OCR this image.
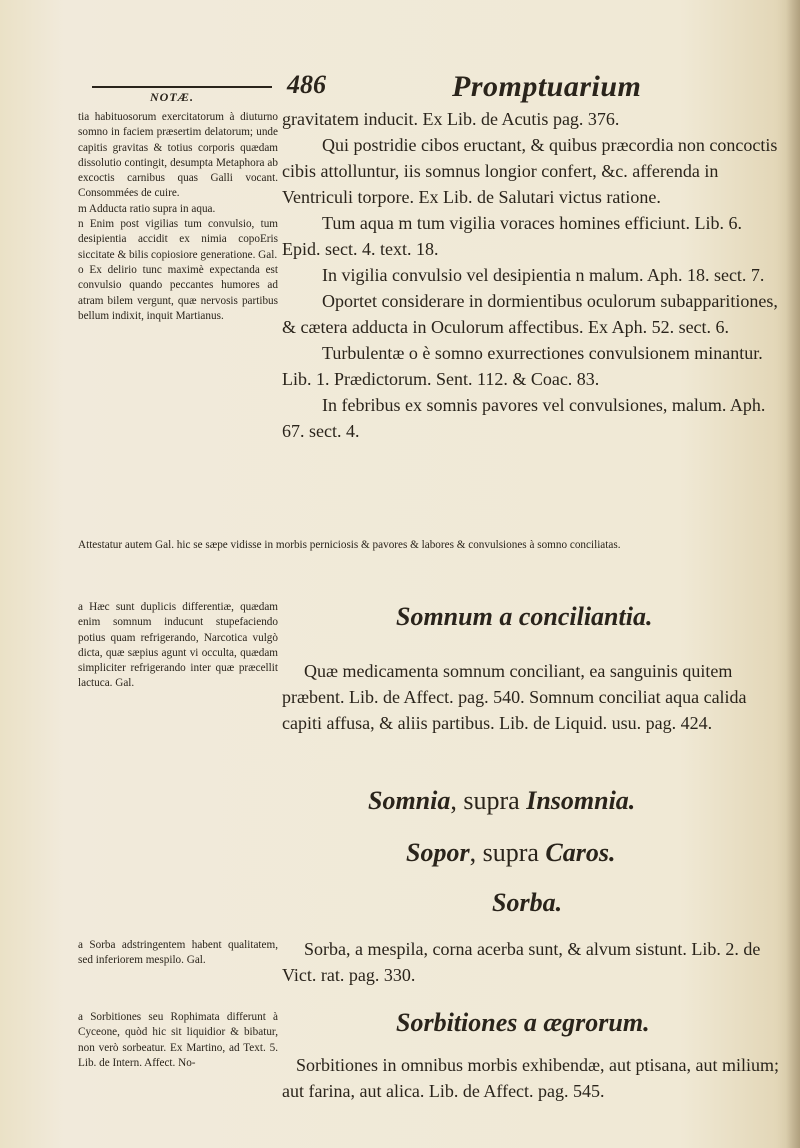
NOTÆ.	486	Promptuarium

tia habituosorum exercitatorum à diuturno somno in faciem præsertim delatorum; unde capitis gravitas & totius corporis quædam dissolutio contingit, desumpta Metaphora ab excoctis carnibus quas Galli vocant. Consommées de cuire.

m Adducta ratio supra in aqua.

n Enim post vigilias tum convulsio, tum desipientia accidit ex nimia copoEris siccitate & bilis copiosiore generatione. Gal.

o Ex delirio tunc maximè expectanda est convulsio quando peccantes humores ad atram bilem vergunt, quæ nervosis partibus bellum indixit, inquit Martianus.

Attestatur autem Gal. hic se sæpe vidisse in morbis perniciosis & pavores & labores & convulsiones à somno conciliatas.

gravitatem inducit. Ex Lib. de Acutis pag. 376.

Qui postridie cibos eructant, & quibus præcordia non concoctis cibis attolluntur, iis somnus longior confert, &c. afferenda in Ventriculi torpore. Ex Lib. de Salutari victus ratione.

Tum aqua m tum vigilia voraces homines efficiunt. Lib. 6. Epid. sect. 4. text. 18.

In vigilia convulsio vel desipientia n malum. Aph. 18. sect. 7.

Oportet considerare in dormientibus oculorum subapparitiones, & cætera adducta in Oculorum affectibus. Ex Aph. 52. sect. 6.

Turbulentæ o è somno exurrectiones convulsionem minantur. Lib. 1. Prædictorum. Sent. 112. & Coac. 83.

In febribus ex somnis pavores vel convulsiones, malum. Aph. 67. sect. 4.

Somnum a conciliantia.
a Hæc sunt duplicis differentiæ, quædam enim somnum inducunt stupefaciendo potius quam refrigerando, Narcotica vulgò dicta, quæ sæpius agunt vi occulta, quædam simpliciter refrigerando inter quæ præcellit lactuca. Gal.

Quæ medicamenta somnum conciliant, ea sanguinis quitem præbent. Lib. de Affect. pag. 540. Somnum conciliat aqua calida capiti affusa, & aliis partibus. Lib. de Liquid. usu. pag. 424.

Somnia, supra Insomnia.
Sopor, supra Caros.
Sorba.
a Sorba adstringentem habent qualitatem, sed inferiorem mespilo. Gal.

Sorba, a mespila, corna acerba sunt, & alvum sistunt. Lib. 2. de Vict. rat. pag. 330.

Sorbitiones a ægrorum.
a Sorbitiones seu Rophimata differunt à Cyceone, quòd hic sit liquidior & bibatur, non verò sorbeatur. Ex Martino, ad Text. 5. Lib. de Intern. Affect. No-	Sorbitiones in omnibus morbis exhibendæ, aut ptisana, aut milium; aut farina, aut alica. Lib. de Affect. pag. 545.
